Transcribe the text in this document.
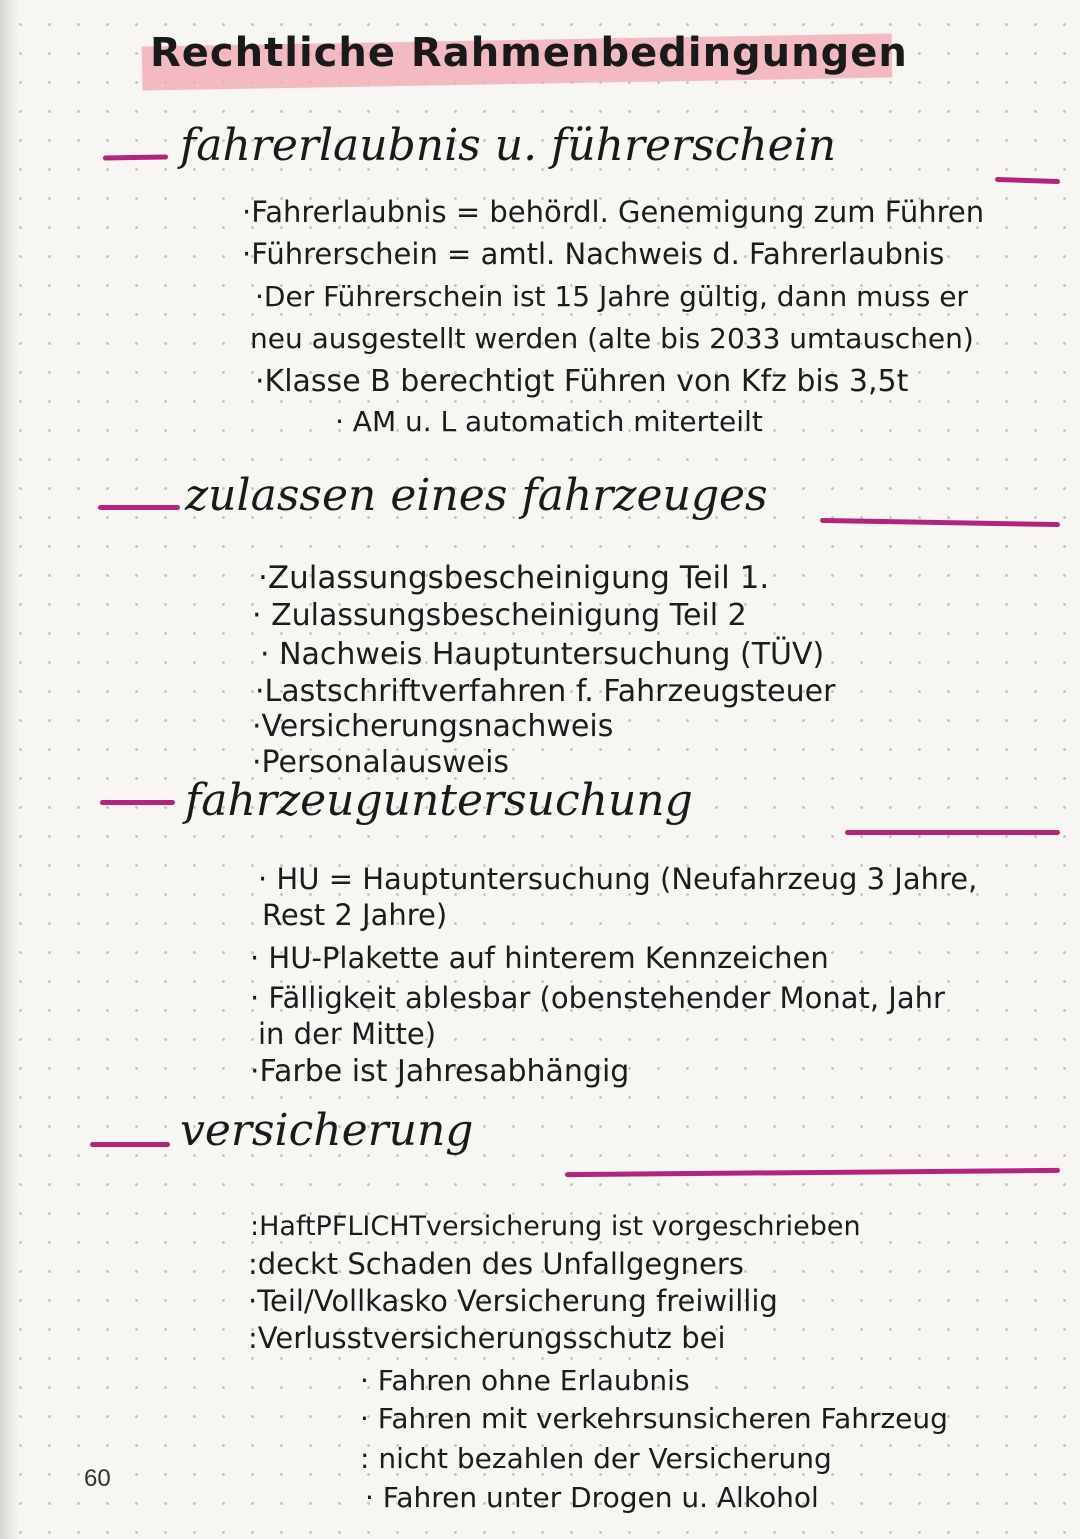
Rechtliche Rahmenbedingungen
fahrerlaubnis u. führerschein
·Fahrerlaubnis = behördl. Genemigung zum Führen
·Führerschein = amtl. Nachweis d. Fahrerlaubnis
·Der Führerschein ist 15 Jahre gültig, dann muss er
neu ausgestellt werden (alte bis 2033 umtauschen)
·Klasse B berechtigt Führen von Kfz bis 3,5t
· AM u. L automatich miterteilt
zulassen eines fahrzeuges
·Zulassungsbescheinigung Teil 1.
· Zulassungsbescheinigung Teil 2
· Nachweis Hauptuntersuchung (TÜV)
·Lastschriftverfahren f. Fahrzeugsteuer
·Versicherungsnachweis
·Personalausweis
fahrzeuguntersuchung
· HU = Hauptuntersuchung (Neufahrzeug 3 Jahre,
Rest 2 Jahre)
· HU-Plakette auf hinterem Kennzeichen
· Fälligkeit ablesbar (obenstehender Monat, Jahr
in der Mitte)
·Farbe ist Jahresabhängig
versicherung
:HaftPFLICHTversicherung ist vorgeschrieben
:deckt Schaden des Unfallgegners
·Teil/Vollkasko Versicherung freiwillig
:Verlusstversicherungsschutz bei
· Fahren ohne Erlaubnis
· Fahren mit verkehrsunsicheren Fahrzeug
: nicht bezahlen der Versicherung
· Fahren unter Drogen u. Alkohol
60
